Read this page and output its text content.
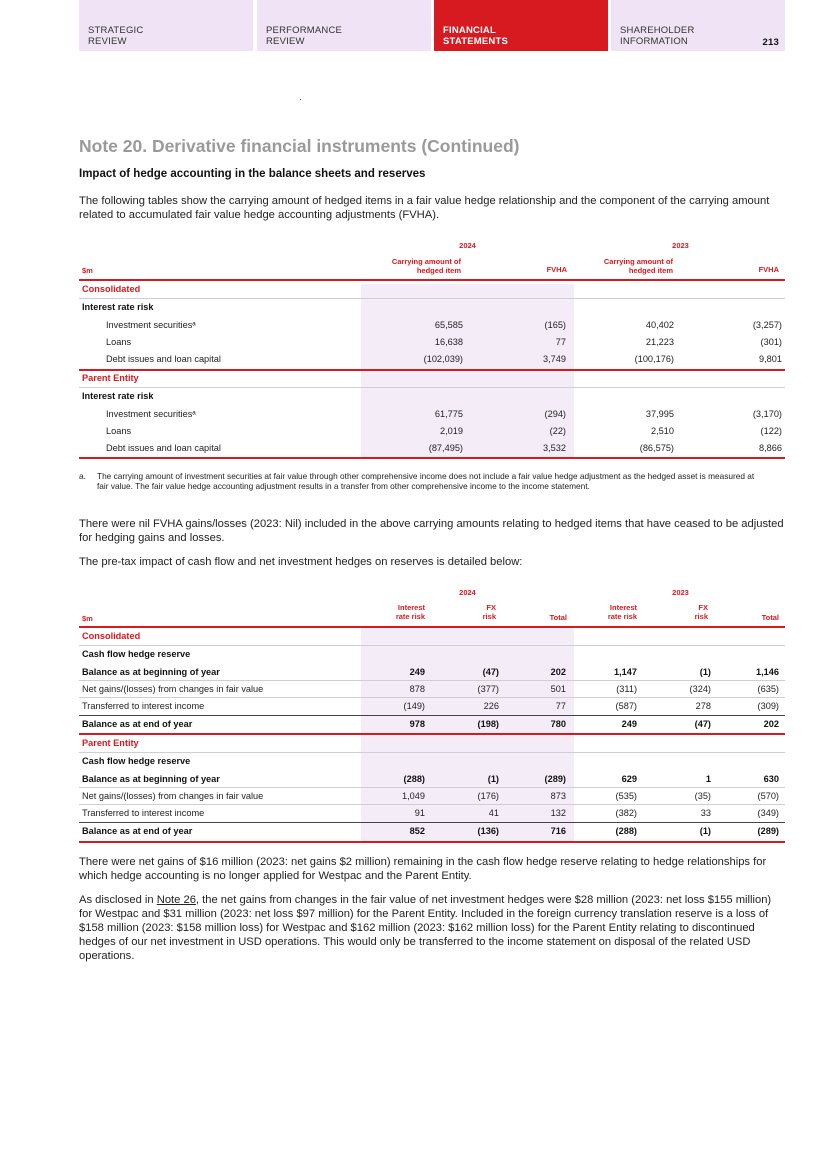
STRATEGIC
REVIEW
PERFORMANCE
REVIEW
FINANCIAL
STATEMENTS
SHAREHOLDER
INFORMATION	213
Note 20. Derivative financial instruments (Continued)
Impact of hedge accounting in the balance sheets and reserves
The following tables show the carrying amount of hedged items in a fair value hedge relationship and the component of the carrying amount related to accumulated fair value hedge accounting adjustments (FVHA).
2024	2023
$m
Carrying amount of
hedged item	FVHA
Carrying amount of
hedged item	FVHA
Consolidated
Interest rate risk
Investment securitiesᵃ	65,585	(165)	40,402	(3,257)
Loans	16,638	77	21,223	(301)
Debt issues and loan capital	(102,039)	3,749	(100,176)	9,801
Parent Entity
Interest rate risk
Investment securitiesᵃ	61,775	(294)	37,995	(3,170)
Loans	2,019	(22)	2,510	(122)
Debt issues and loan capital	(87,495)	3,532	(86,575)	8,866
a.	The carrying amount of investment securities at fair value through other comprehensive income does not include a fair value hedge adjustment as the hedged asset is measured at fair value. The fair value hedge accounting adjustment results in a transfer from other comprehensive income to the income statement.
There were nil FVHA gains/losses (2023: Nil) included in the above carrying amounts relating to hedged items that have ceased to be adjusted for hedging gains and losses.
The pre-tax impact of cash flow and net investment hedges on reserves is detailed below:
2024	2023
$m
Interest
rate risk
FX
risk	Total
Interest
rate risk
FX
risk	Total
Consolidated
Cash flow hedge reserve
Balance as at beginning of year	249	(47)	202	1,147	(1)	1,146
Net gains/(losses) from changes in fair value	878	(377)	501	(311)	(324)	(635)
Transferred to interest income	(149)	226	77	(587)	278	(309)
Balance as at end of year	978	(198)	780	249	(47)	202
Parent Entity
Cash flow hedge reserve
Balance as at beginning of year	(288)	(1)	(289)	629	1	630
Net gains/(losses) from changes in fair value	1,049	(176)	873	(535)	(35)	(570)
Transferred to interest income	91	41	132	(382)	33	(349)
Balance as at end of year	852	(136)	716	(288)	(1)	(289)
There were net gains of $16 million (2023: net gains $2 million) remaining in the cash flow hedge reserve relating to hedge relationships for which hedge accounting is no longer applied for Westpac and the Parent Entity.
As disclosed in Note 26, the net gains from changes in the fair value of net investment hedges were $28 million (2023: net loss $155 million) for Westpac and $31 million (2023: net loss $97 million) for the Parent Entity. Included in the foreign currency translation reserve is a loss of $158 million (2023: $158 million loss) for Westpac and $162 million (2023: $162 million loss) for the Parent Entity relating to discontinued hedges of our net investment in USD operations. This would only be transferred to the income statement on disposal of the related USD operations.
